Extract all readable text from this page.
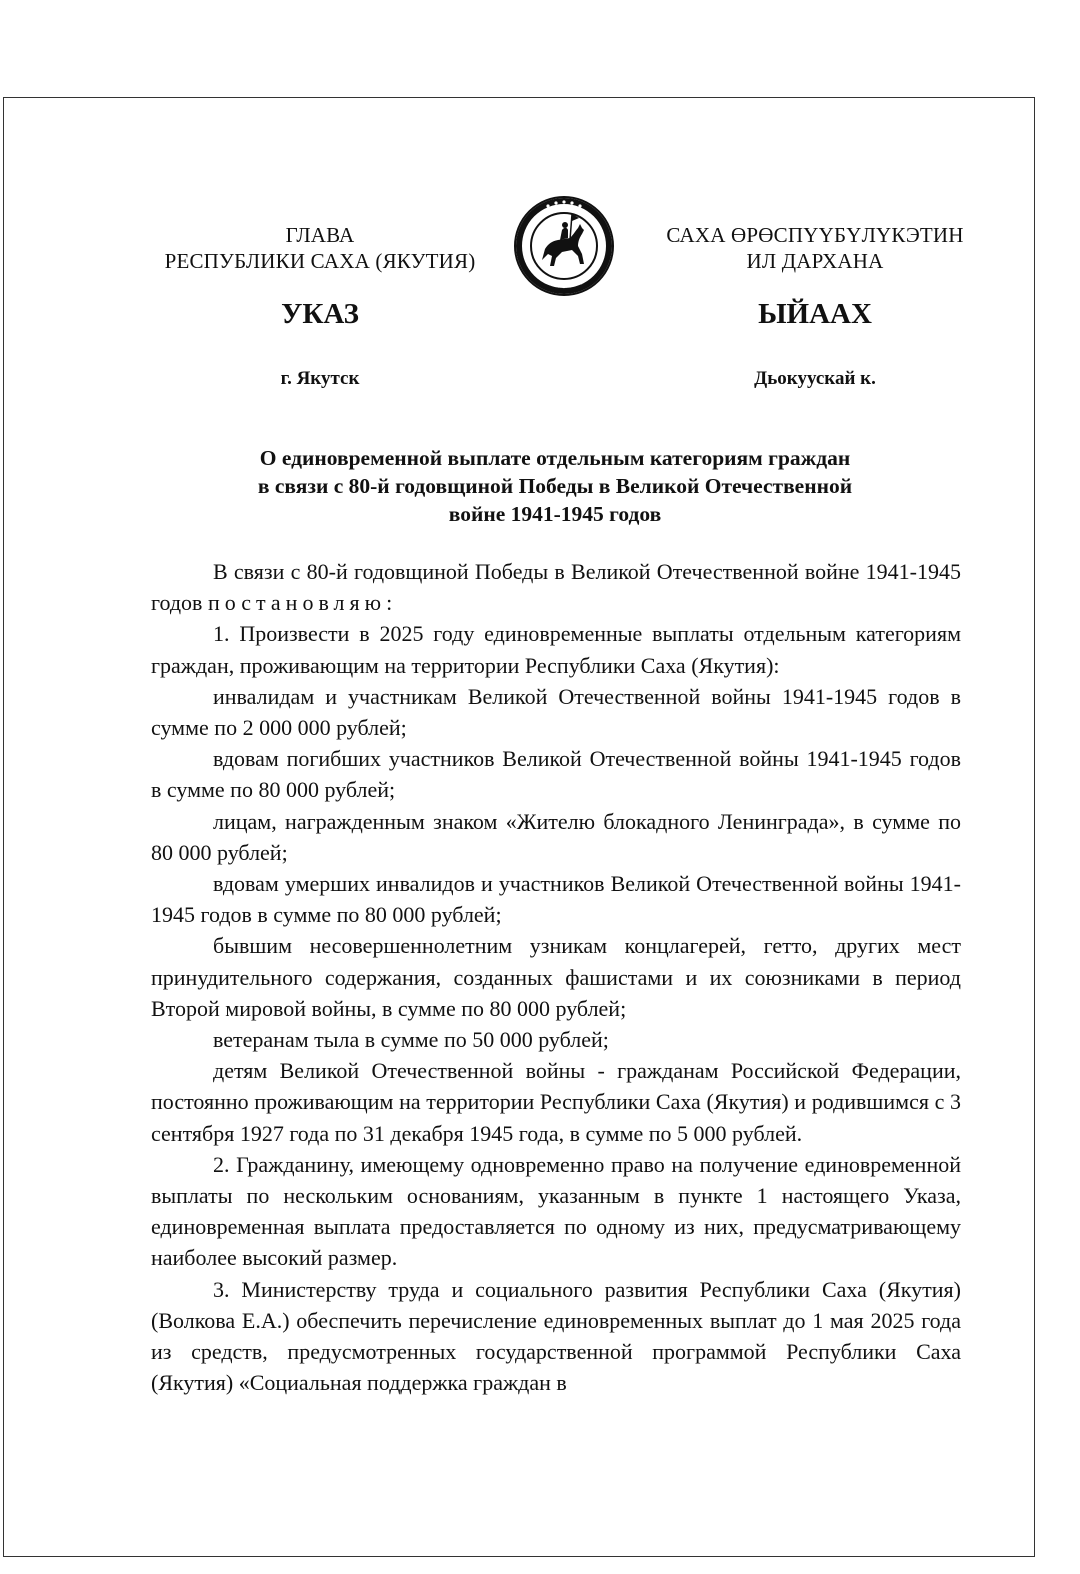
ГЛАВА
РЕСПУБЛИКИ САХА (ЯКУТИЯ)	РЕСПУБЛИКА САХА (ЯКУТИЯ)
САХА ӨРӨСПҮҮБҮЛҮКЭТИН
ИЛ ДАРХАНА
УКАЗ	ЫЙААХ
г. Якутск	Дьокуускай к.
О единовременной выплате отдельным категориям граждан
в связи с 80-й годовщиной Победы в Великой Отечественной
войне 1941-1945 годов

В связи с 80-й годовщиной Победы в Великой Отечественной войне 1941-1945 годов постановляю:

1. Произвести в 2025 году единовременные выплаты отдельным категориям граждан, проживающим на территории Республики Саха (Якутия):

инвалидам и участникам Великой Отечественной войны 1941-1945 годов в сумме по 2 000 000 рублей;

вдовам погибших участников Великой Отечественной войны 1941-1945 годов в сумме по 80 000 рублей;

лицам, награжденным знаком «Жителю блокадного Ленинграда», в сумме по 80 000 рублей;

вдовам умерших инвалидов и участников Великой Отечественной войны 1941-1945 годов в сумме по 80 000 рублей;

бывшим несовершеннолетним узникам концлагерей, гетто, других мест принудительного содержания, созданных фашистами и их союзниками в период Второй мировой войны, в сумме по 80 000 рублей;

ветеранам тыла в сумме по 50 000 рублей;

детям Великой Отечественной войны - гражданам Российской Федерации, постоянно проживающим на территории Республики Саха (Якутия) и родившимся с 3 сентября 1927 года по 31 декабря 1945 года, в сумме по 5 000 рублей.

2. Гражданину, имеющему одновременно право на получение единовременной выплаты по нескольким основаниям, указанным в пункте 1 настоящего Указа, единовременная выплата предоставляется по одному из них, предусматривающему наиболее высокий размер.

3. Министерству труда и социального развития Республики Саха (Якутия) (Волкова Е.А.) обеспечить перечисление единовременных выплат до 1 мая 2025 года из средств, предусмотренных государственной программой Республики Саха (Якутия) «Социальная поддержка граждан в
